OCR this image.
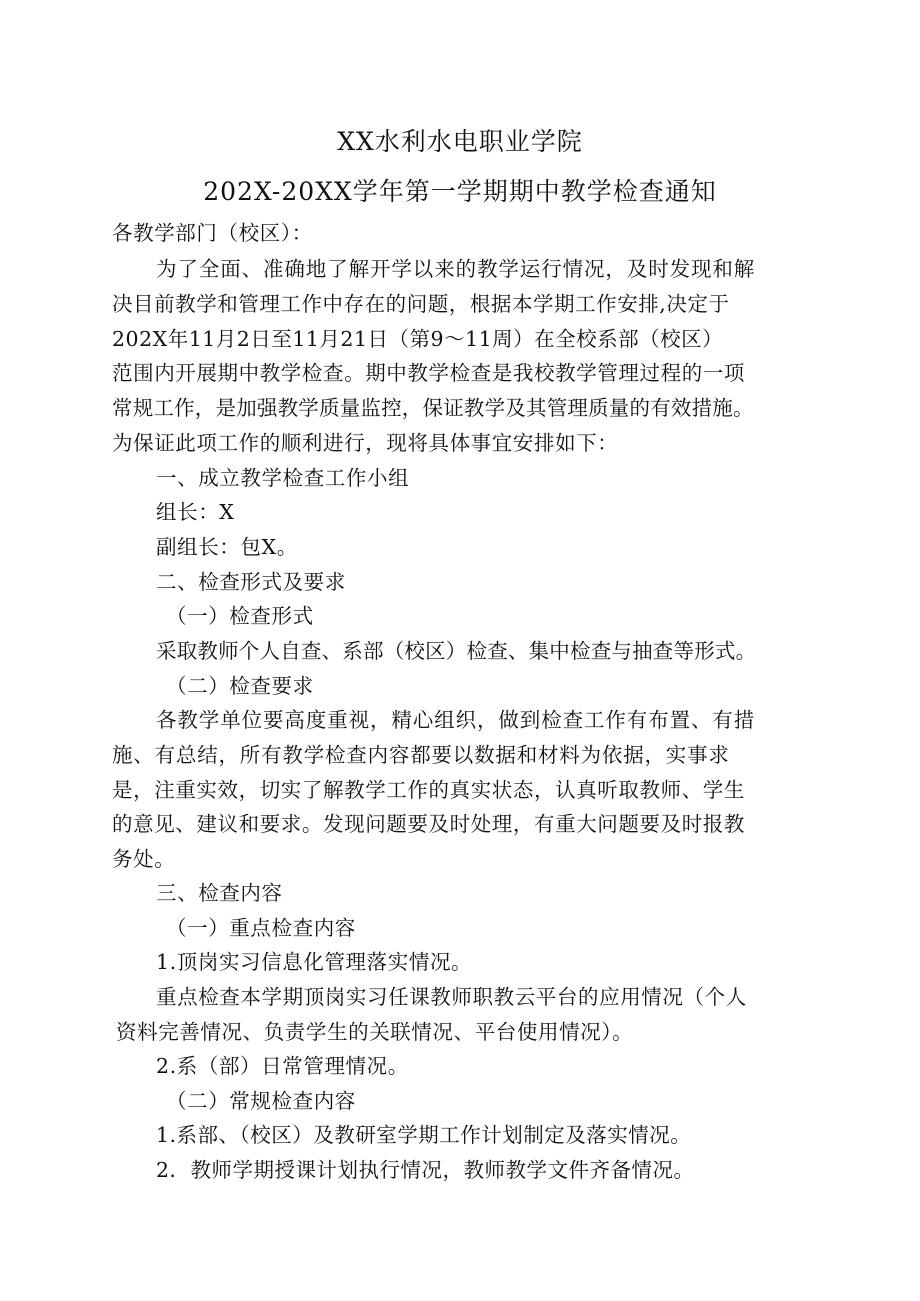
XX水利水电职业学院
202X-20XX学年第一学期期中教学检查通知
各教学部门（校区）：
为了全面、准确地了解开学以来的教学运行情况，及时发现和解
决目前教学和管理工作中存在的问题，根据本学期工作安排,决定于
202X年11月2日至11月21日（第9～11周）在全校系部（校区）
范围内开展期中教学检查。期中教学检查是我校教学管理过程的一项
常规工作，是加强教学质量监控，保证教学及其管理质量的有效措施。
为保证此项工作的顺利进行，现将具体事宜安排如下：
一、成立教学检查工作小组
组长：X
副组长：包X。
二、检查形式及要求
（一）检查形式
采取教师个人自查、系部（校区）检查、集中检查与抽查等形式。
（二）检查要求
各教学单位要高度重视，精心组织，做到检查工作有布置、有措
施、有总结，所有教学检查内容都要以数据和材料为依据，实事求
是，注重实效，切实了解教学工作的真实状态，认真听取教师、学生
的意见、建议和要求。发现问题要及时处理，有重大问题要及时报教
务处。
三、检查内容
（一）重点检查内容
1.顶岗实习信息化管理落实情况。
重点检查本学期顶岗实习任课教师职教云平台的应用情况（个人
资料完善情况、负责学生的关联情况、平台使用情况）。
2.系（部）日常管理情况。
（二）常规检查内容
1.系部、（校区）及教研室学期工作计划制定及落实情况。
2．教师学期授课计划执行情况，教师教学文件齐备情况。
